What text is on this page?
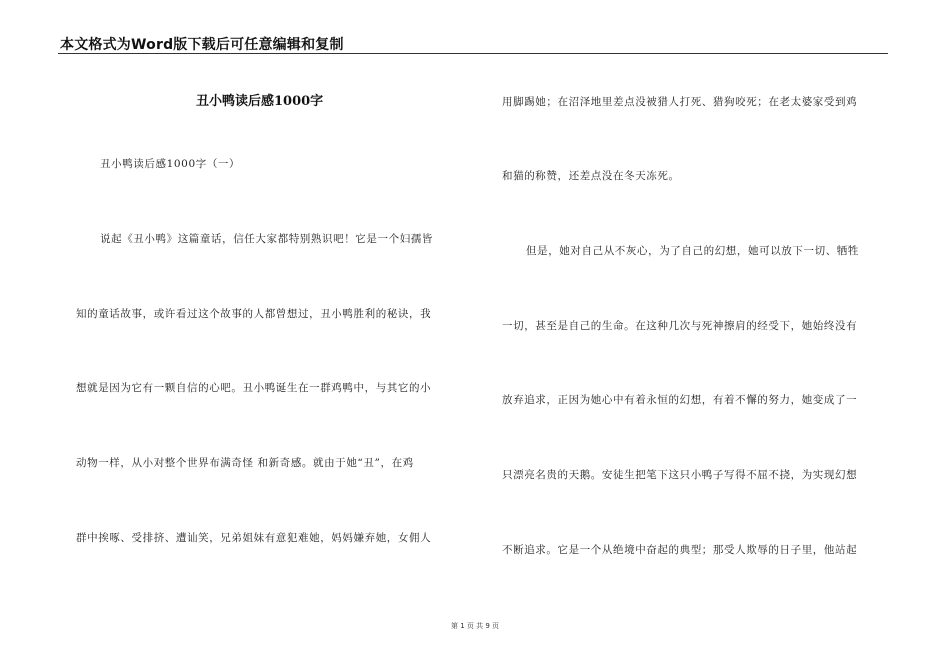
本文格式为Word版下载后可任意编辑和复制
丑小鸭读后感1000字
丑小鸭读后感1000字（一）
说起《丑小鸭》这篇童话，信任大家都特别熟识吧！它是一个妇孺皆
知的童话故事，或许看过这个故事的人都曾想过，丑小鸭胜利的秘诀，我
想就是因为它有一颗自信的心吧。丑小鸭诞生在一群鸡鸭中，与其它的小
动物一样，从小对整个世界布满奇怪 和新奇感。就由于她“丑”，在鸡
群中挨啄、受排挤、遭讪笑，兄弟姐妹有意犯难她，妈妈嫌弃她，女佣人
用脚踢她；在沼泽地里差点没被猎人打死、猎狗咬死；在老太婆家受到鸡
和猫的称赞，还差点没在冬天冻死。
但是，她对自己从不灰心，为了自己的幻想，她可以放下一切、牺牲
一切，甚至是自己的生命。在这种几次与死神擦肩的经受下，她始终没有
放弃追求，正因为她心中有着永恒的幻想，有着不懈的努力，她变成了一
只漂亮名贵的天鹅。安徒生把笔下这只小鸭子写得不屈不挠，为实现幻想
不断追求。它是一个从绝境中奋起的典型；那受人欺辱的日子里，他站起
第 1 页 共 9 页
